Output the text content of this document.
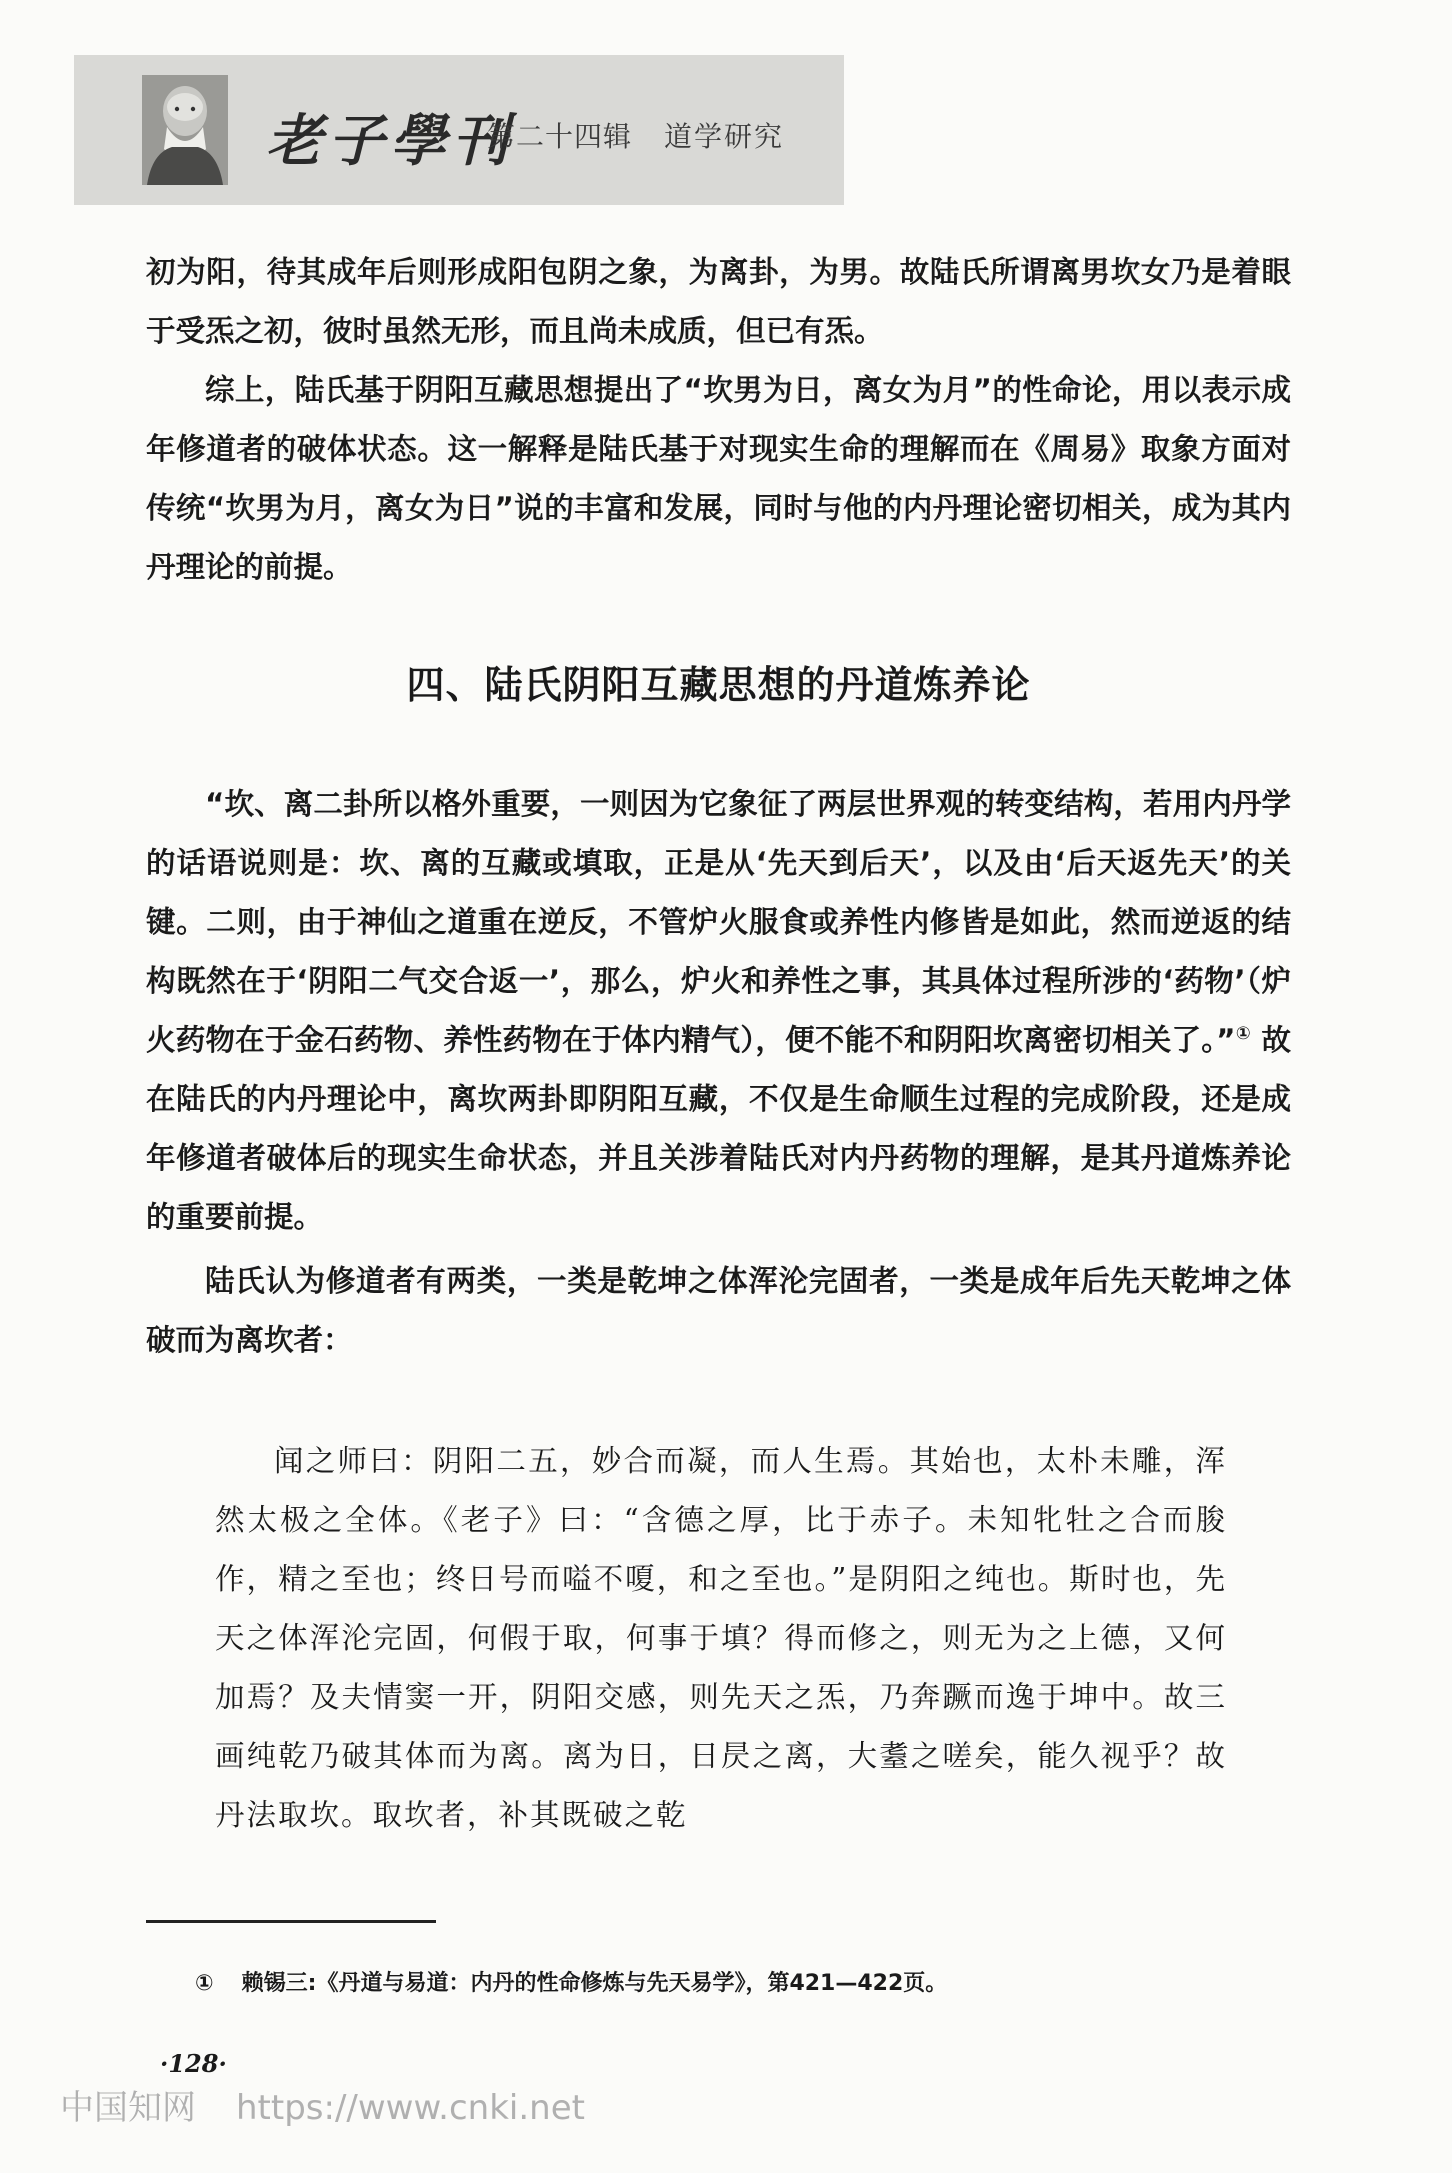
老子學刊
第二十四辑 道学研究

初为阳，待其成年后则形成阳包阴之象，为离卦，为男。故陆氏所谓离男坎女乃是着眼于受炁之初，彼时虽然无形，而且尚未成质，但已有炁。

综上，陆氏基于阴阳互藏思想提出了“坎男为日，离女为月”的性命论，用以表示成年修道者的破体状态。这一解释是陆氏基于对现实生命的理解而在《周易》取象方面对传统“坎男为月，离女为日”说的丰富和发展，同时与他的内丹理论密切相关，成为其内丹理论的前提。

四、陆氏阴阳互藏思想的丹道炼养论

“坎、离二卦所以格外重要，一则因为它象征了两层世界观的转变结构，若用内丹学的话语说则是：坎、离的互藏或填取，正是从‘先天到后天’，以及由‘后天返先天’的关键。二则，由于神仙之道重在逆反，不管炉火服食或养性内修皆是如此，然而逆返的结构既然在于‘阴阳二气交合返一’，那么，炉火和养性之事，其具体过程所涉的‘药物’（炉火药物在于金石药物、养性药物在于体内精气），便不能不和阴阳坎离密切相关了。”① 故在陆氏的内丹理论中，离坎两卦即阴阳互藏，不仅是生命顺生过程的完成阶段，还是成年修道者破体后的现实生命状态，并且关涉着陆氏对内丹药物的理解，是其丹道炼养论的重要前提。

陆氏认为修道者有两类，一类是乾坤之体浑沦完固者，一类是成年后先天乾坤之体破而为离坎者：

闻之师曰：阴阳二五，妙合而凝，而人生焉。其始也，太朴未雕，浑然太极之全体。《老子》曰：“含德之厚，比于赤子。未知牝牡之合而朘作，精之至也；终日号而嗌不嗄，和之至也。”是阴阳之纯也。斯时也，先天之体浑沦完固，何假于取，何事于填？得而修之，则无为之上德，又何加焉？及夫情窦一开，阴阳交感，则先天之炁，乃奔蹶而逸于坤中。故三画纯乾乃破其体而为离。离为日，日昃之离，大耋之嗟矣，能久视乎？故丹法取坎。取坎者，补其既破之乾

① 赖锡三:《丹道与易道：内丹的性命修炼与先天易学》，第421—422页。
·128·
中国知网 https://www.cnki.net
